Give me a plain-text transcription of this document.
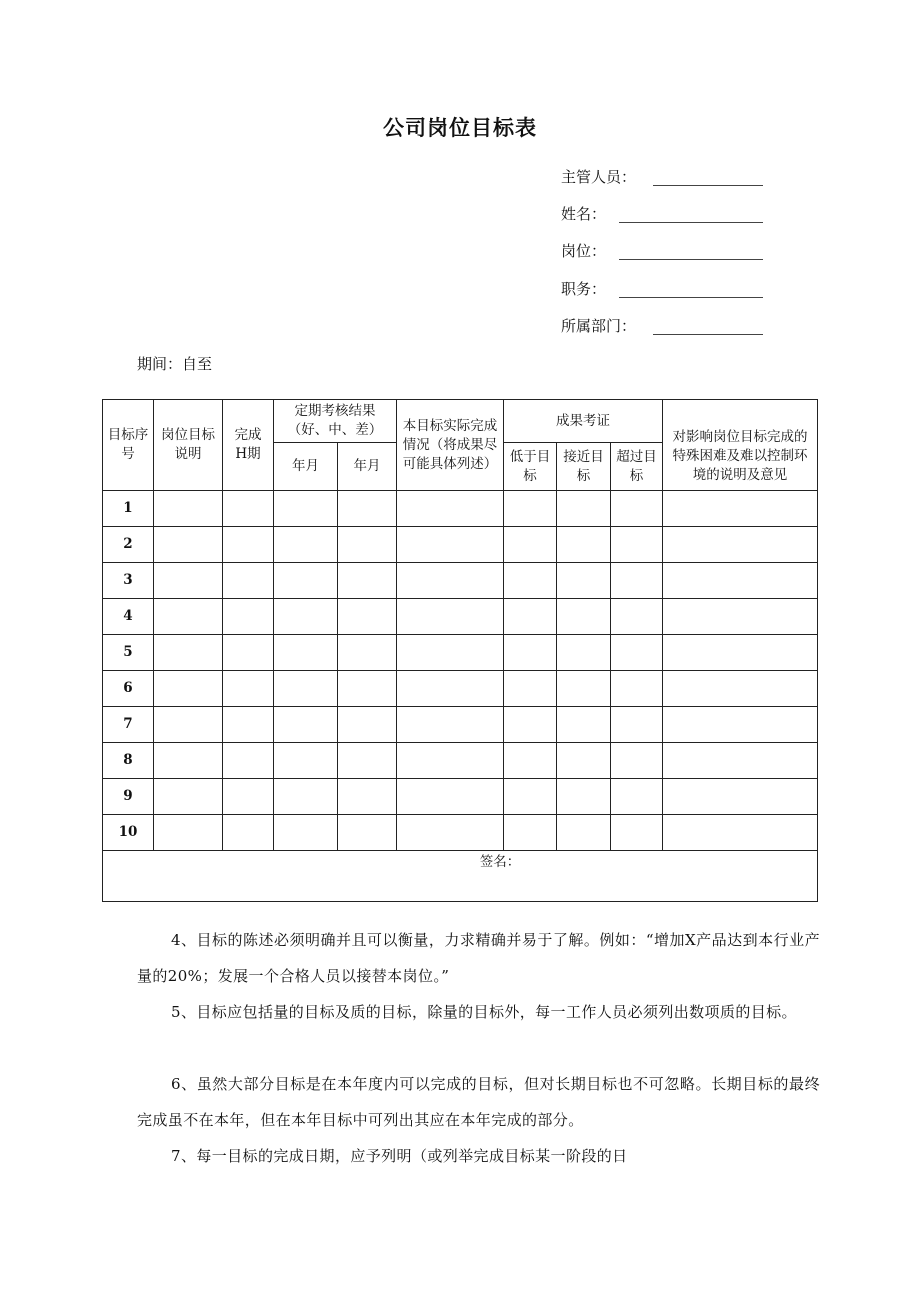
公司岗位目标表
主管人员：
姓名：
岗位：
职务：
所属部门：
期间：自至
目标序号	岗位目标说明	完成H期	定期考核结果（好、中、差）		本目标实际完成情况（将成果尽可能具体列述）	成果考证			对影响岗位目标完成的特殊困难及难以控制环境的说明及意见
			年月	年月		低于目标	接近目标	超过目标	
1									
2									
3									
4									
5									
6									
7									
8									
9									
10									
签名：									
4、目标的陈述必须明确并且可以衡量，力求精确并易于了解。例如：“增加X产品达到本行业产量的20%；发展一个合格人员以接替本岗位。”
5、目标应包括量的目标及质的目标，除量的目标外，每一工作人员必须列出数项质的目标。
6、虽然大部分目标是在本年度内可以完成的目标，但对长期目标也不可忽略。长期目标的最终完成虽不在本年，但在本年目标中可列出其应在本年完成的部分。
7、每一目标的完成日期，应予列明（或列举完成目标某一阶段的日
